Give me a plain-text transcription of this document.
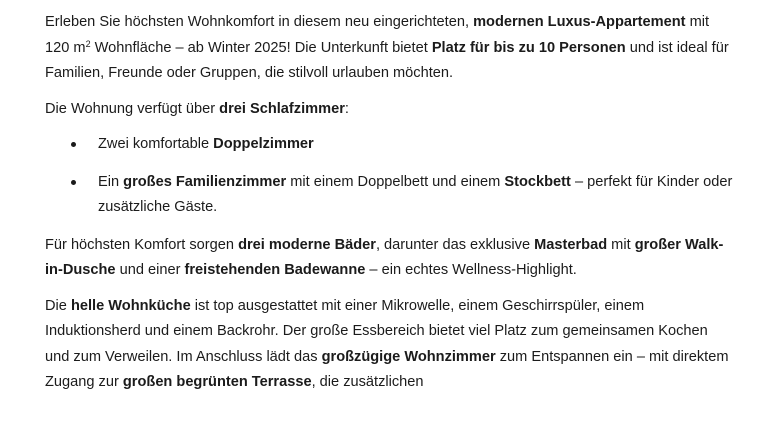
Erleben Sie höchsten Wohnkomfort in diesem neu eingerichteten, modernen Luxus-Appartement mit 120 $m^2$ Wohnfläche – ab Winter 2025! Die Unterkunft bietet Platz für bis zu 10 Personen und ist ideal für Familien, Freunde oder Gruppen, die stilvoll urlauben möchten.

Die Wohnung verfügt über drei Schlafzimmer:

Zwei komfortable Doppelzimmer
Ein großes Familienzimmer mit einem Doppelbett und einem Stockbett – perfekt für Kinder oder zusätzliche Gäste.

Für höchsten Komfort sorgen drei moderne Bäder, darunter das exklusive Masterbad mit großer Walk-in-Dusche und einer freistehenden Badewanne – ein echtes Wellness-Highlight.

Die helle Wohnküche ist top ausgestattet mit einer Mikrowelle, einem Geschirrspüler, einem Induktionsherd und einem Backrohr. Der große Essbereich bietet viel Platz zum gemeinsamen Kochen und zum Verweilen. Im Anschluss lädt das großzügige Wohnzimmer zum Entspannen ein – mit direktem Zugang zur großen begrünten Terrasse, die zusätzlichen
